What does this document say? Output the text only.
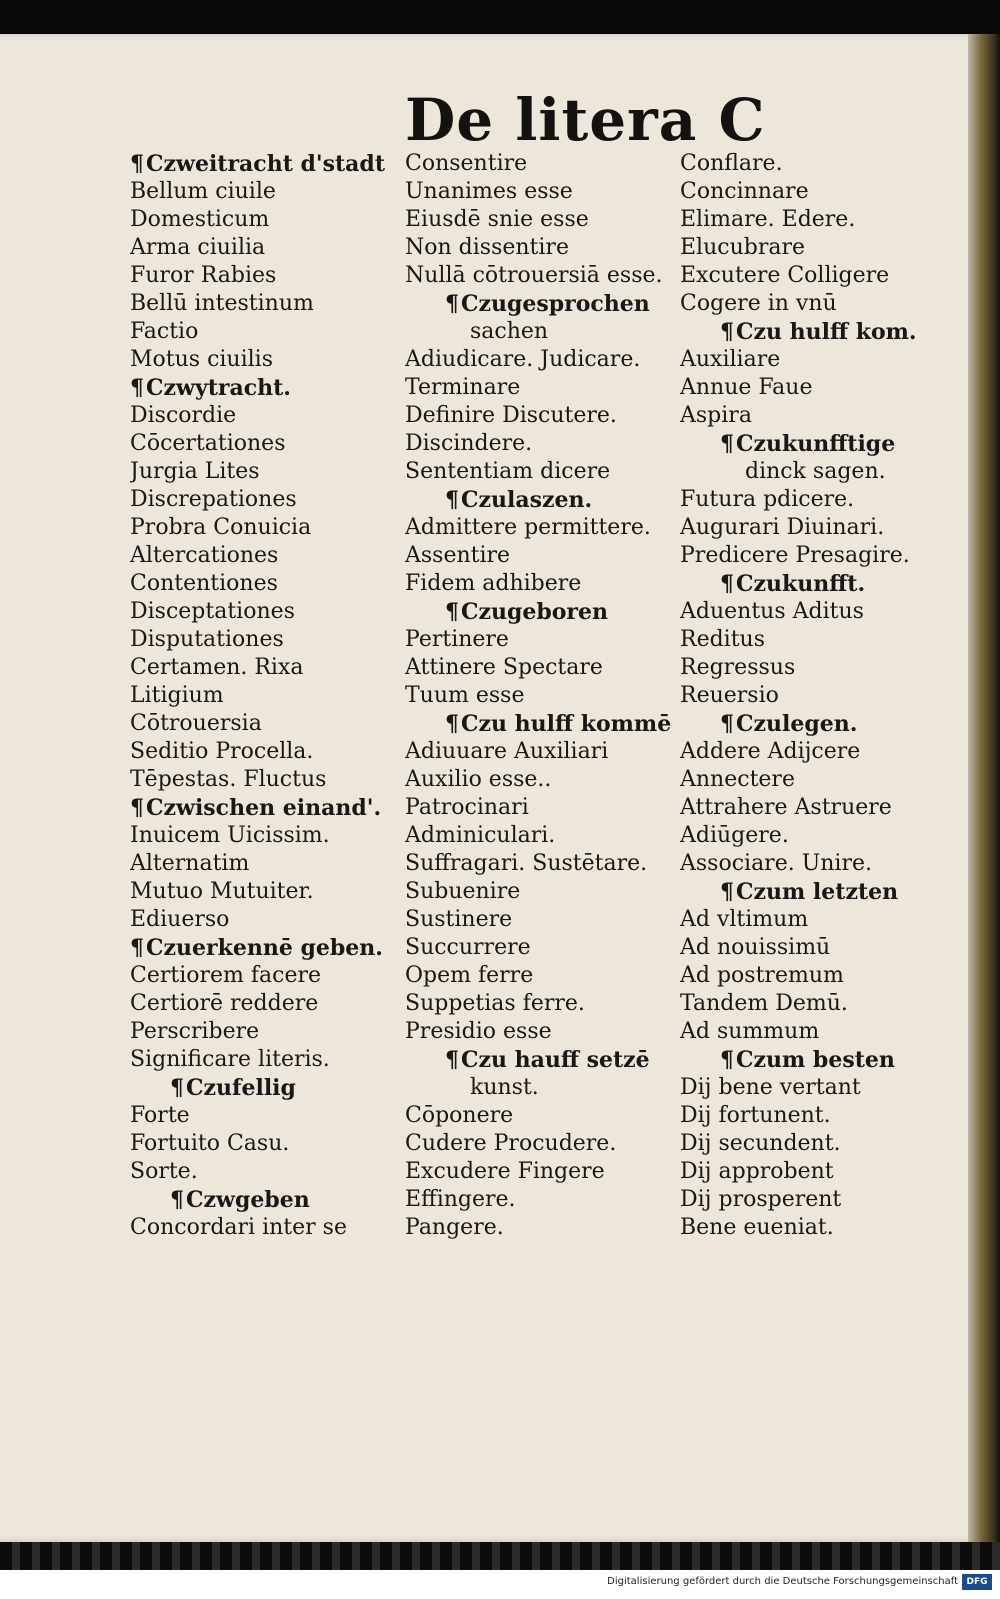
De litera C
¶Czweitracht d'stadt
Bellum ciuile
Domesticum
Arma ciuilia
Furor Rabies
Bellū intestinum
Factio
Motus ciuilis
¶Czwytracht.
Discordie
Cōcertationes
Jurgia Lites
Discrepationes
Probra Conuicia
Altercationes
Contentiones
Disceptationes
Disputationes
Certamen. Rixa
Litigium
Cōtrouersia
Seditio Procella.
Tēpestas. Fluctus
¶Czwischen einand'.
Inuicem Uicissim.
Alternatim
Mutuo Mutuiter.
Ediuerso
¶Czuerkennē geben.
Certiorem facere
Certiorē reddere
Perscribere
Significare literis.
¶Czufellig
Forte
Fortuito Casu.
Sorte.
¶Czwgeben
Concordari inter se
Consentire
Unanimes esse
Eiusdē snie esse
Non dissentire
Nullā cōtrouersiā esse.
¶Czugesprochen
sachen
Adiudicare. Judicare.
Terminare
Definire Discutere.
Discindere.
Sententiam dicere
¶Czulaszen.
Admittere permittere.
Assentire
Fidem adhibere
¶Czugeboren
Pertinere
Attinere Spectare
Tuum esse
¶Czu hulff kommē
Adiuuare Auxiliari
Auxilio esse..
Patrocinari
Adminiculari.
Suffragari. Sustētare.
Subuenire
Sustinere
Succurrere
Opem ferre
Suppetias ferre.
Presidio esse
¶Czu hauff setzē
kunst.
Cōponere
Cudere Procudere.
Excudere Fingere
Effingere.
Pangere.
Conflare.
Concinnare
Elimare. Edere.
Elucubrare
Excutere Colligere
Cogere in vnū
¶Czu hulff kom.
Auxiliare
Annue Faue
Aspira
¶Czukunfftige
dinck sagen.
Futura pdicere.
Augurari Diuinari.
Predicere Presagire.
¶Czukunfft.
Aduentus Aditus
Reditus
Regressus
Reuersio
¶Czulegen.
Addere Adijcere
Annectere
Attrahere Astruere
Adiūgere.
Associare. Unire.
¶Czum letzten
Ad vltimum
Ad nouissimū
Ad postremum
Tandem Demū.
Ad summum
¶Czum besten
Dij bene vertant
Dij fortunent.
Dij secundent.
Dij approbent
Dij prosperent
Bene eueniat.
Digitalisierung gefördert durch die Deutsche Forschungsgemeinschaft DFG
